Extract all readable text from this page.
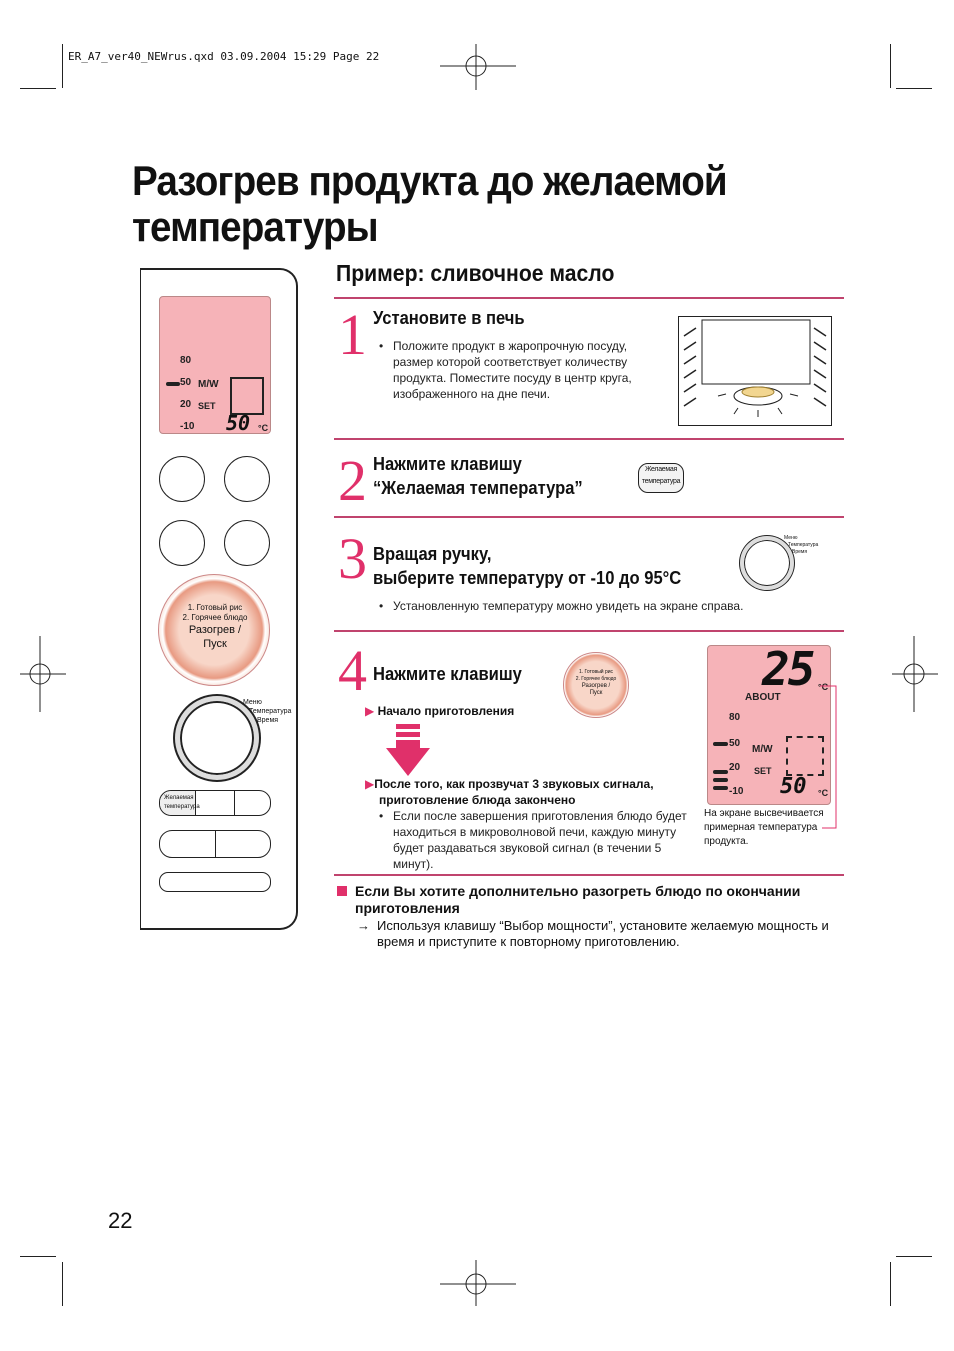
ER_A7_ver40_NEWrus.qxd 03.09.2004 15:29 Page 22
Разогрев продукта до желаемой
температуры
Пример: сливочное масло
80
50
20
-10
M/W
SET
50 °C
1. Готовый рис
2. Горячее блюдо
Разогрев /
Пуск
Меню
Температура
Время
Желаемая
температура
1 Установите в печь
• Положите продукт в жаропрочную посуду, размер которой соответствует количеству продукта. Поместите посуду в центр круга, изображенного на дне печи.
2 Нажмите клавишу
“Желаемая температура”
Желаемая
температура
3 Вращая ручку,
выберите температуру от -10 до 95°C
Меню
Температура
Время
• Установленную температуру можно увидеть на экране справа.
4 Нажмите клавишу	1. Готовый рис
2. Горячее блюдо
Разогрев /
Пуск
▶ Начало приготовления
▶После того, как прозвучат 3 звуковых сигнала,
приготовление блюда закончено
• Если после завершения приготовления блюдо будет находиться в микроволновой печи, каждую минуту будет раздаваться звуковой сигнал (в течении 5 минут).
25 °C
ABOUT
80
50
20
-10
M/W
SET
50 °C
На экране высвечивается примерная температура продукта.
Если Вы хотите дополнительно разогреть блюдо по окончании
приготовления
→ Используя клавишу “Выбор мощности”, установите желаемую мощность и
время и приступите к повторному приготовлению.
22
